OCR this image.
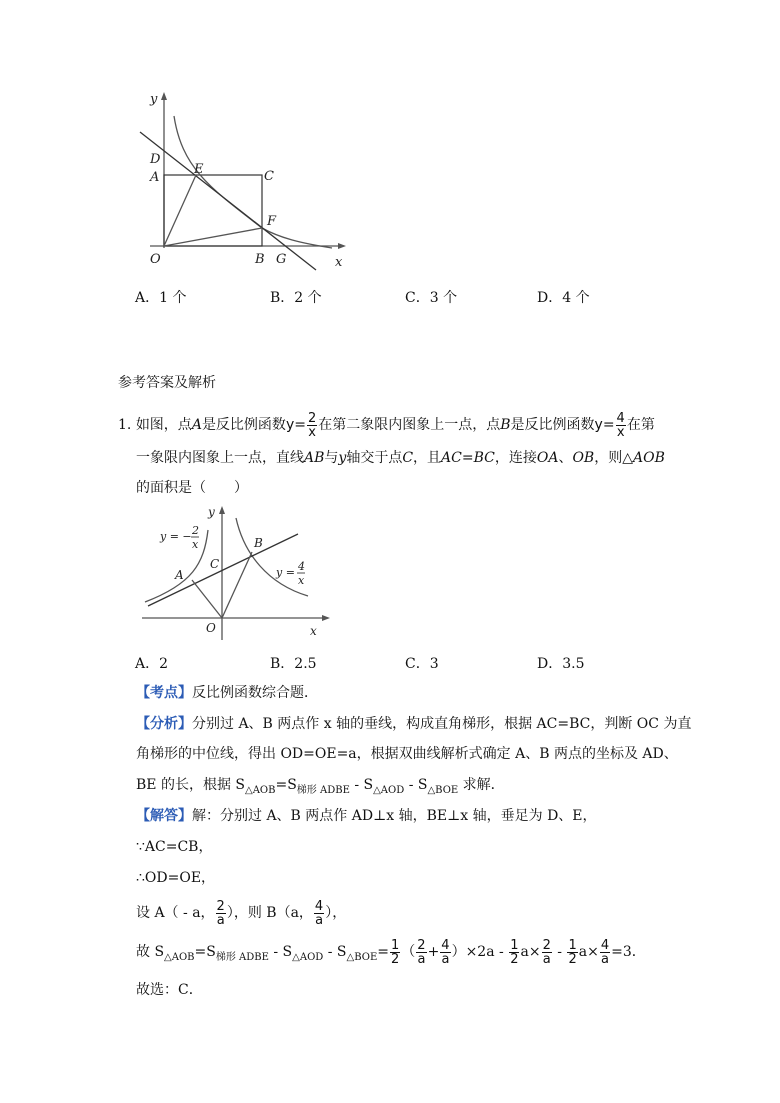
y
x
D
A
E	C
F
O	B G
A．1 个	B．2 个	C．3 个	D．4 个
参考答案及解析
1. 如图，点A是反比例函数$y= \frac{2}{x}$ 在第二象限内图象上一点，点B是反比例函数$y= \frac{4}{x}$ 在第
一象限内图象上一点，直线AB与y轴交于点C，且AC=BC，连接OA、OB，则△AOB
的面积是（　　）
y
x
A
B
C
O
y = − 2
x
y = 4
x
A．2	B．2.5	C．3	D．3.5
【考点】反比例函数综合题．
【分析】分别过 A、B 两点作 x 轴的垂线，构成直角梯形，根据 AC=BC，判断 OC 为直
角梯形的中位线，得出 OD=OE=a，根据双曲线解析式确定 A、B 两点的坐标及 AD、
BE 的长，根据 $S_{\triangle AOB}=S_{梯形 ADBE} - S_{\triangle AOD} - S_{\triangle BOE}$ 求解．
【解答】解：分别过 A、B 两点作 AD⊥x 轴，BE⊥x 轴，垂足为 D、E，
∵AC=CB，
∴OD=OE，
设 A（ - a， $\frac{2}{a}$ ），则 B（a， $\frac{4}{a}$ ），
故 $S_{\triangle AOB}=S_{梯形 ADBE} - S_{\triangle AOD} - S_{\triangle BOE}= \frac{1}{2}$ （ $\frac{2}{a} + \frac{4}{a} )\times 2a - \frac{1}{2} a\times \frac{2}{a} - \frac{1}{2} a\times \frac{4}{a} =3$．
故选：C．
